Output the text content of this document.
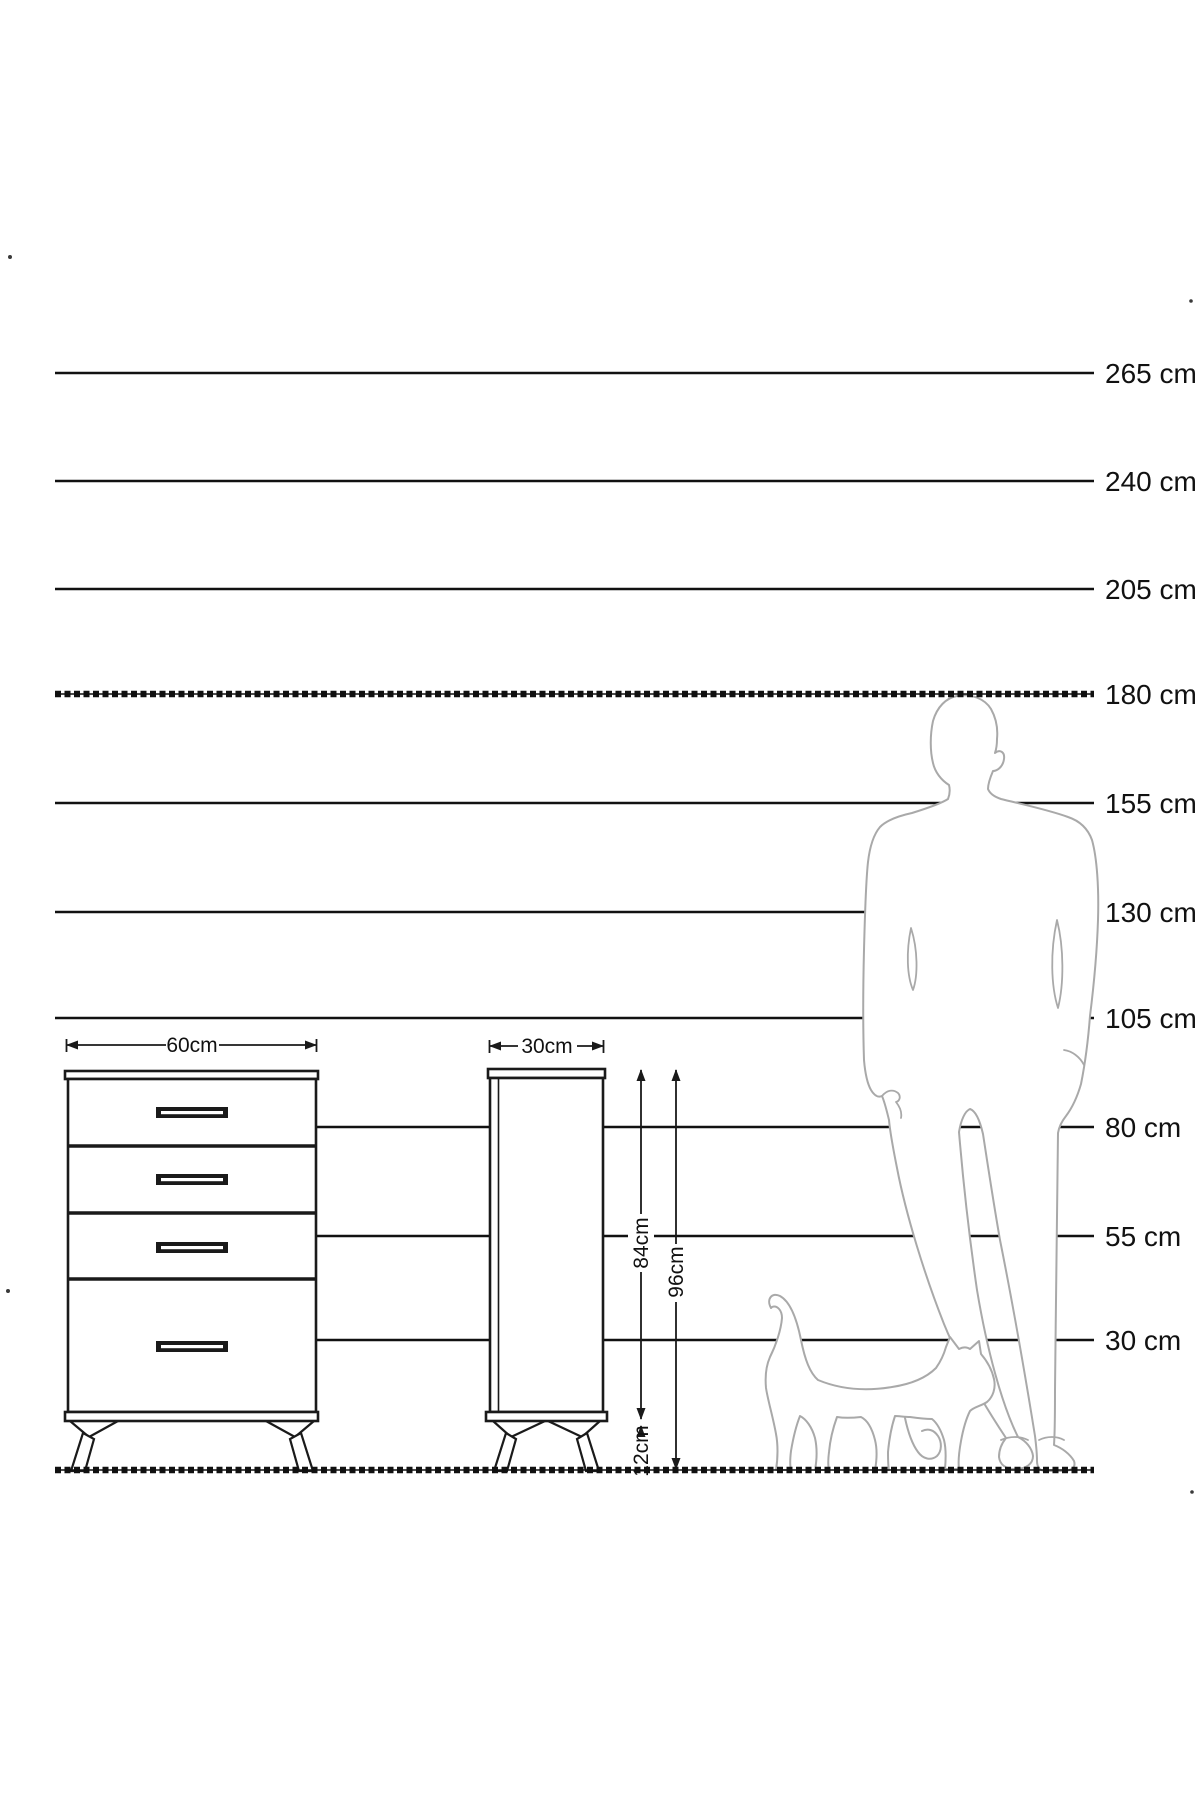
265 cm
240 cm
205 cm
180 cm
155 cm
130 cm
105 cm
80 cm
55 cm
30 cm
60cm	30cm
84cm
96cm
12cm
